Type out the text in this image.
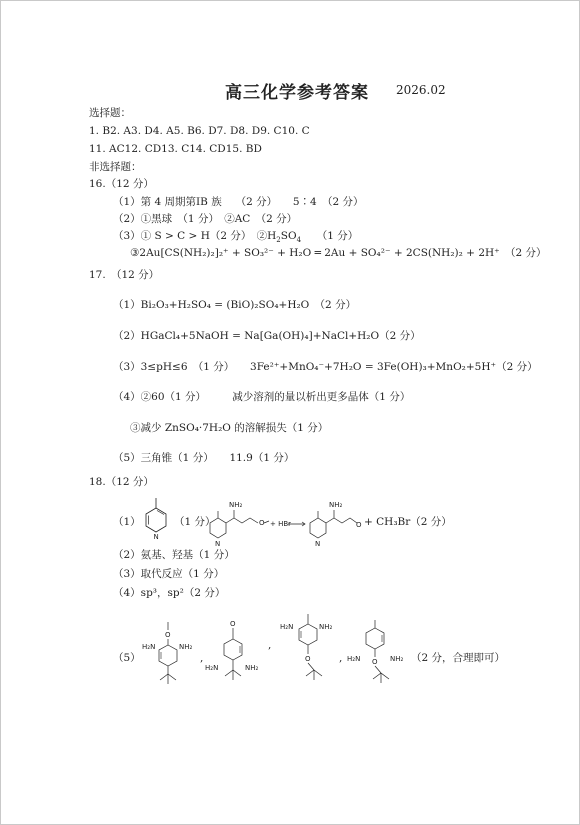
高三化学参考答案 2026.02
选择题：
1. B2. A3. D4. A5. B6. D7. D8. D9. C10. C
11. AC12. CD13. C14. CD15. BD
非选择题：
16.（12 分）
（1）第 4 周期第IB 族　 （2 分）　　5∶4　（2 分）
（2）①黑球　（1 分）　②AC　（2 分）
（3）① S > C > H（2 分）　$②H_2SO_4$　　（1 分）
③2Au[CS(NH₂)₂]₂⁺ + SO₃²⁻ + H₂O ═ 2Au + SO₄²⁻ + 2CS(NH₂)₂ + 2H⁺　（2 分）
17.　（12 分）
（1）Bi₂O₃+H₂SO₄ = (BiO)₂SO₄+H₂O　（2 分）
（2）HGaCl₄+5NaOH = Na[Ga(OH)₄]+NaCl+H₂O（2 分）
（3）3≤pH≤6　（1 分）　　3Fe²⁺+MnO₄⁻+7H₂O = 3Fe(OH)₃+MnO₂+5H⁺（2 分）
（4）②60（1 分）　　　减少溶剂的量以析出更多晶体（1 分）
③减少 ZnSO₄·7H₂O 的溶解损失（1 分）
（5）三角锥（1 分）　　11.9（1 分）
18.（12 分）
（1）
N
（1 分）
NH₂
O
N
+ HBr
NH₂
O
N
+ CH₃Br（2 分）
（2）氨基、羟基（1 分）
（3）取代反应（1 分）
（4）sp³，sp²（2 分）
（5）
O
H₂N	NH₂
,
O
H₂N	NH₂
,
H₂N	NH₂
O	, H₂N	NH₂
O	（2 分，合理即可）
